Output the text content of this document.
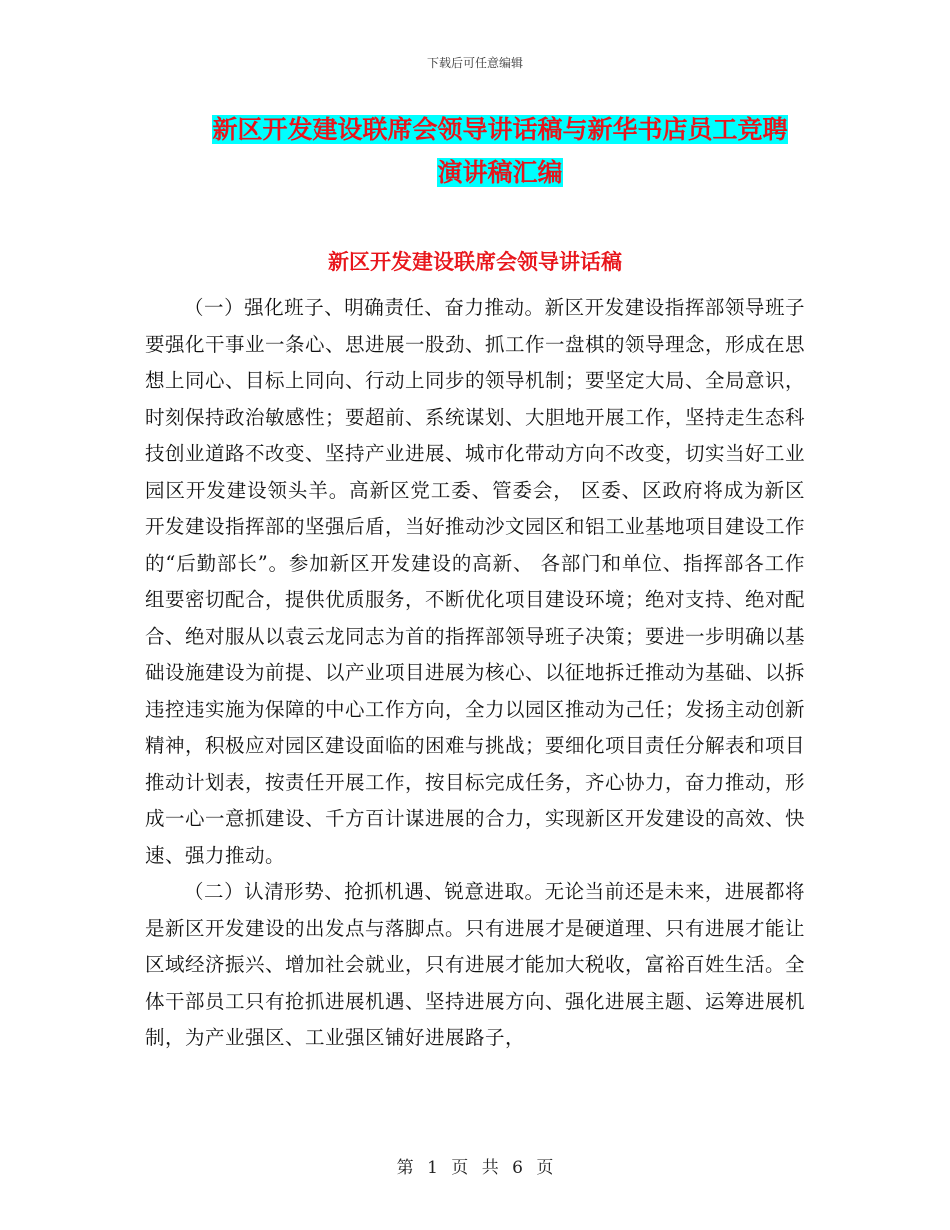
下载后可任意编辑
新区开发建设联席会领导讲话稿与新华书店员工竞聘
演讲稿汇编
新区开发建设联席会领导讲话稿

（一）强化班子、明确责任、奋力推动。新区开发建设指挥部领导班子要强化干事业一条心、思进展一股劲、抓工作一盘棋的领导理念，形成在思想上同心、目标上同向、行动上同步的领导机制；要坚定大局、全局意识，时刻保持政治敏感性；要超前、系统谋划、大胆地开展工作，坚持走生态科技创业道路不改变、坚持产业进展、城市化带动方向不改变，切实当好工业园区开发建设领头羊。高新区党工委、管委会， 区委、区政府将成为新区开发建设指挥部的坚强后盾，当好推动沙文园区和铝工业基地项目建设工作的“后勤部长”。参加新区开发建设的高新、 各部门和单位、指挥部各工作组要密切配合，提供优质服务，不断优化项目建设环境；绝对支持、绝对配合、绝对服从以袁云龙同志为首的指挥部领导班子决策；要进一步明确以基础设施建设为前提、以产业项目进展为核心、以征地拆迁推动为基础、以拆违控违实施为保障的中心工作方向，全力以园区推动为己任；发扬主动创新精神，积极应对园区建设面临的困难与挑战；要细化项目责任分解表和项目推动计划表，按责任开展工作，按目标完成任务，齐心协力，奋力推动，形成一心一意抓建设、千方百计谋进展的合力，实现新区开发建设的高效、快速、强力推动。

（二）认清形势、抢抓机遇、锐意进取。无论当前还是未来，进展都将是新区开发建设的出发点与落脚点。只有进展才是硬道理、只有进展才能让区域经济振兴、增加社会就业，只有进展才能加大税收，富裕百姓生活。全体干部员工只有抢抓进展机遇、坚持进展方向、强化进展主题、运筹进展机制，为产业强区、工业强区铺好进展路子，

第 1 页 共 6 页
